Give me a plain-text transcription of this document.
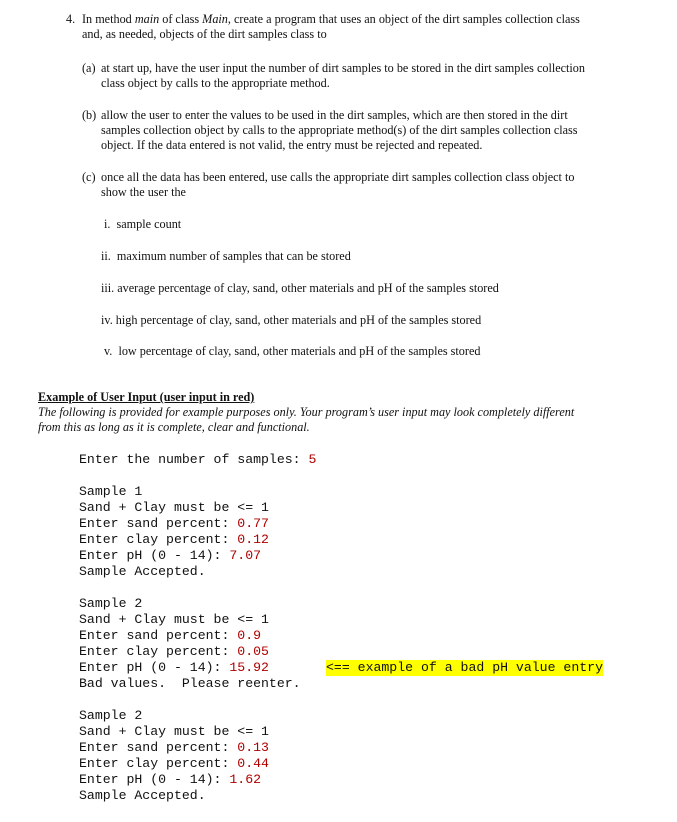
4. In method main of class Main, create a program that uses an object of the dirt samples collection class
and, as needed, objects of the dirt samples class to
(a) at start up, have the user input the number of dirt samples to be stored in the dirt samples collection
class object by calls to the appropriate method.
(b) allow the user to enter the values to be used in the dirt samples, which are then stored in the dirt
samples collection object by calls to the appropriate method(s) of the dirt samples collection class
object. If the data entered is not valid, the entry must be rejected and repeated.
(c) once all the data has been entered, use calls the appropriate dirt samples collection class object to
show the user the
i. sample count
ii. maximum number of samples that can be stored
iii. average percentage of clay, sand, other materials and pH of the samples stored
iv. high percentage of clay, sand, other materials and pH of the samples stored
v. low percentage of clay, sand, other materials and pH of the samples stored
Example of User Input (user input in red)
The following is provided for example purposes only. Your program’s user input may look completely different
from this as long as it is complete, clear and functional.
Enter the number of samples: 5
Sample 1
Sand + Clay must be <= 1
Enter sand percent: 0.77
Enter clay percent: 0.12
Enter pH (0 - 14): 7.07
Sample Accepted.
Sample 2
Sand + Clay must be <= 1
Enter sand percent: 0.9
Enter clay percent: 0.05
Enter pH (0 - 14): 15.92	<== example of a bad pH value entry
Bad values.  Please reenter.
Sample 2
Sand + Clay must be <= 1
Enter sand percent: 0.13
Enter clay percent: 0.44
Enter pH (0 - 14): 1.62
Sample Accepted.
